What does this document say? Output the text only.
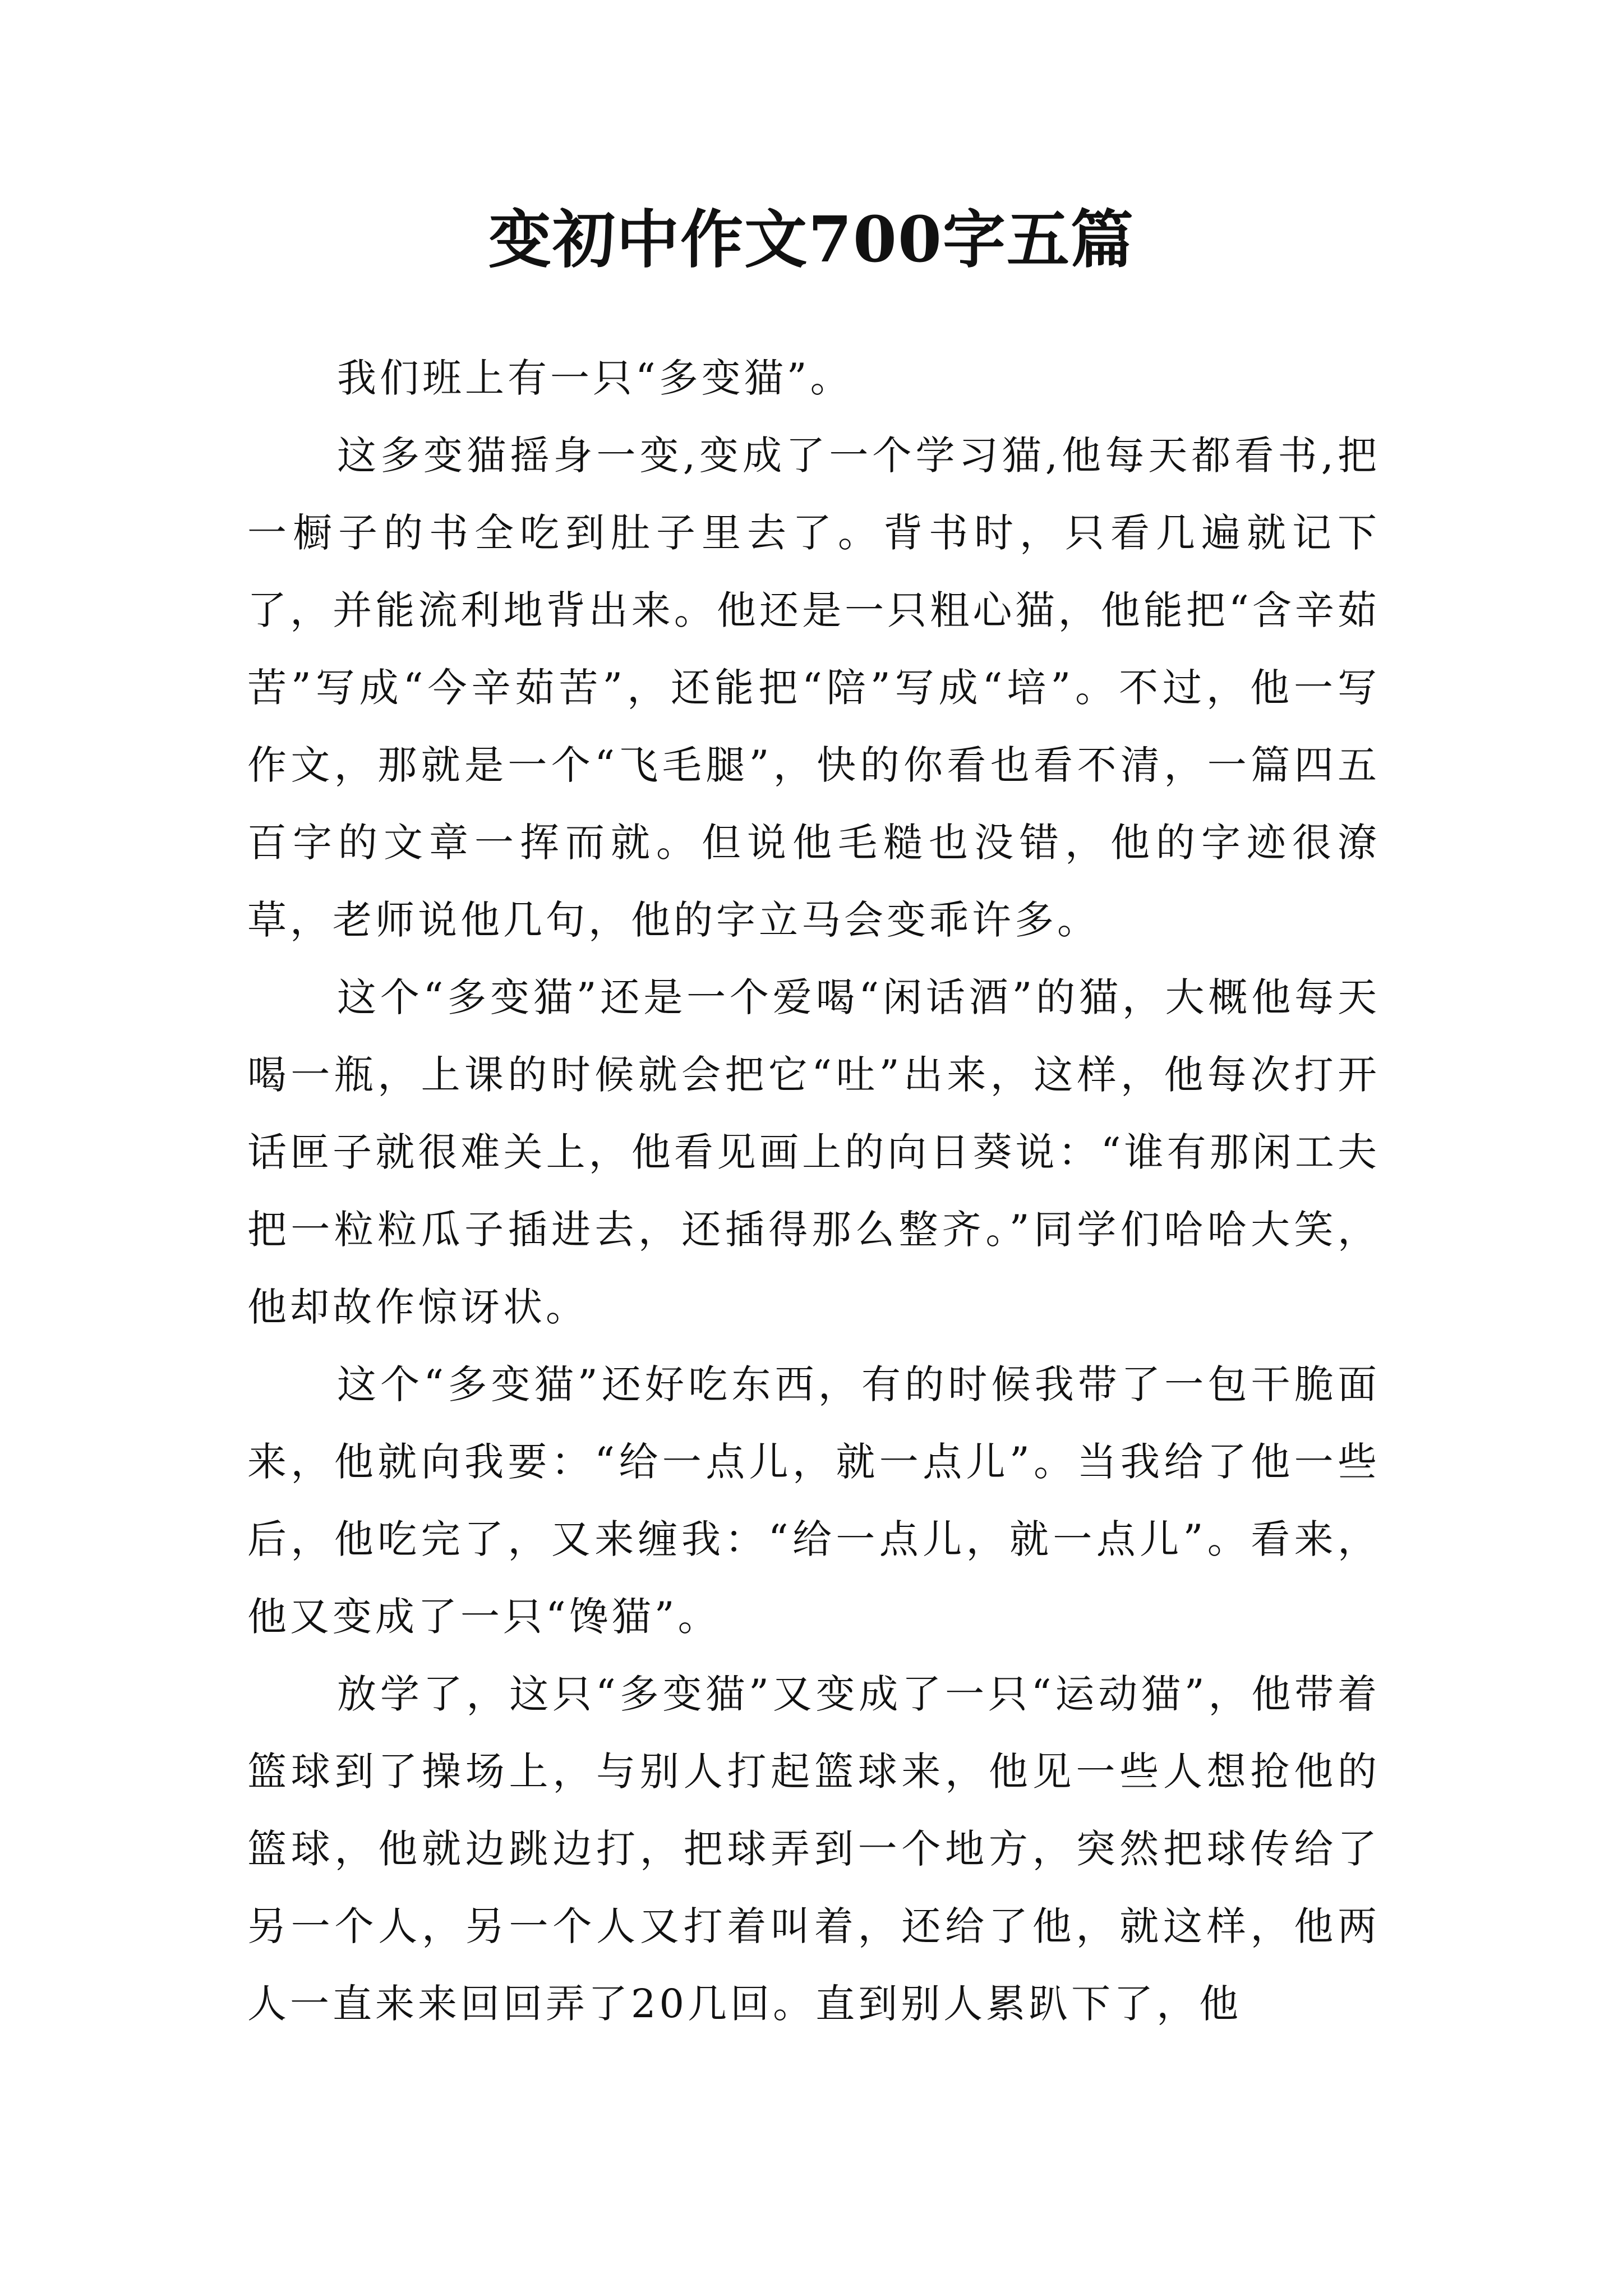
变初中作文700字五篇

我们班上有一只“多变猫”。

这多变猫摇身一变,变成了一个学习猫,他每天都看书,把一橱子的书全吃到肚子里去了。背书时，只看几遍就记下了，并能流利地背出来。他还是一只粗心猫，他能把“含辛茹苦”写成“今辛茹苦”，还能把“陪”写成“培”。不过，他一写作文，那就是一个“飞毛腿”，快的你看也看不清，一篇四五百字的文章一挥而就。但说他毛糙也没错，他的字迹很潦草，老师说他几句，他的字立马会变乖许多。

这个“多变猫”还是一个爱喝“闲话酒”的猫，大概他每天喝一瓶，上课的时候就会把它“吐”出来，这样，他每次打开话匣子就很难关上，他看见画上的向日葵说：“谁有那闲工夫把一粒粒瓜子插进去，还插得那么整齐。”同学们哈哈大笑，他却故作惊讶状。

这个“多变猫”还好吃东西，有的时候我带了一包干脆面来，他就向我要：“给一点儿，就一点儿”。当我给了他一些后，他吃完了，又来缠我：“给一点儿，就一点儿”。看来，他又变成了一只“馋猫”。

放学了，这只“多变猫”又变成了一只“运动猫”，他带着篮球到了操场上，与别人打起篮球来，他见一些人想抢他的篮球，他就边跳边打，把球弄到一个地方，突然把球传给了另一个人，另一个人又打着叫着，还给了他，就这样，他两人一直来来回回弄了20几回。直到别人累趴下了，他
